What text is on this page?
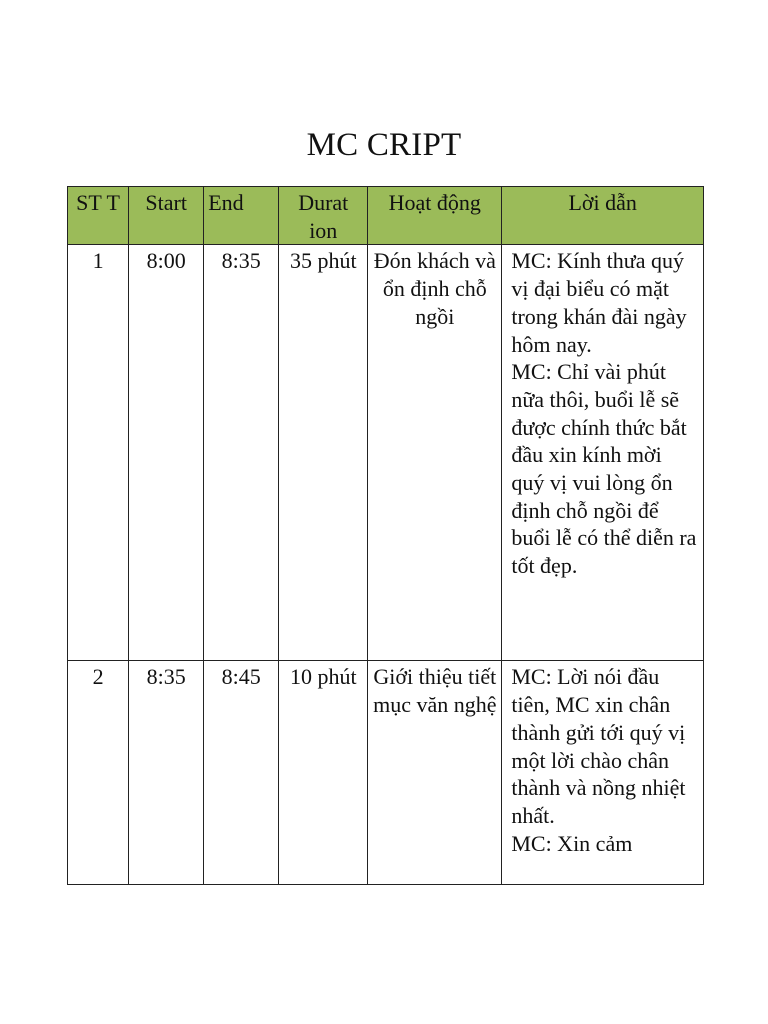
MC CRIPT
ST T	Start	End	Durat ion	Hoạt động	Lời dẫn
1	8:00	8:35	35 phút	Đón khách và ổn định chỗ ngồi	MC: Kính thưa quý vị đại biểu có mặt trong khán đài ngày hôm nay.
MC: Chỉ vài phút nữa thôi, buổi lễ sẽ được chính thức bắt đầu xin kính mời quý vị vui lòng ổn định chỗ ngồi để buổi lễ có thể diễn ra tốt đẹp.

2	8:35	8:45	10 phút	Giới thiệu tiết mục văn nghệ	MC: Lời nói đầu tiên, MC xin chân thành gửi tới quý vị một lời chào chân thành và nồng nhiệt nhất.
MC: Xin cảm
